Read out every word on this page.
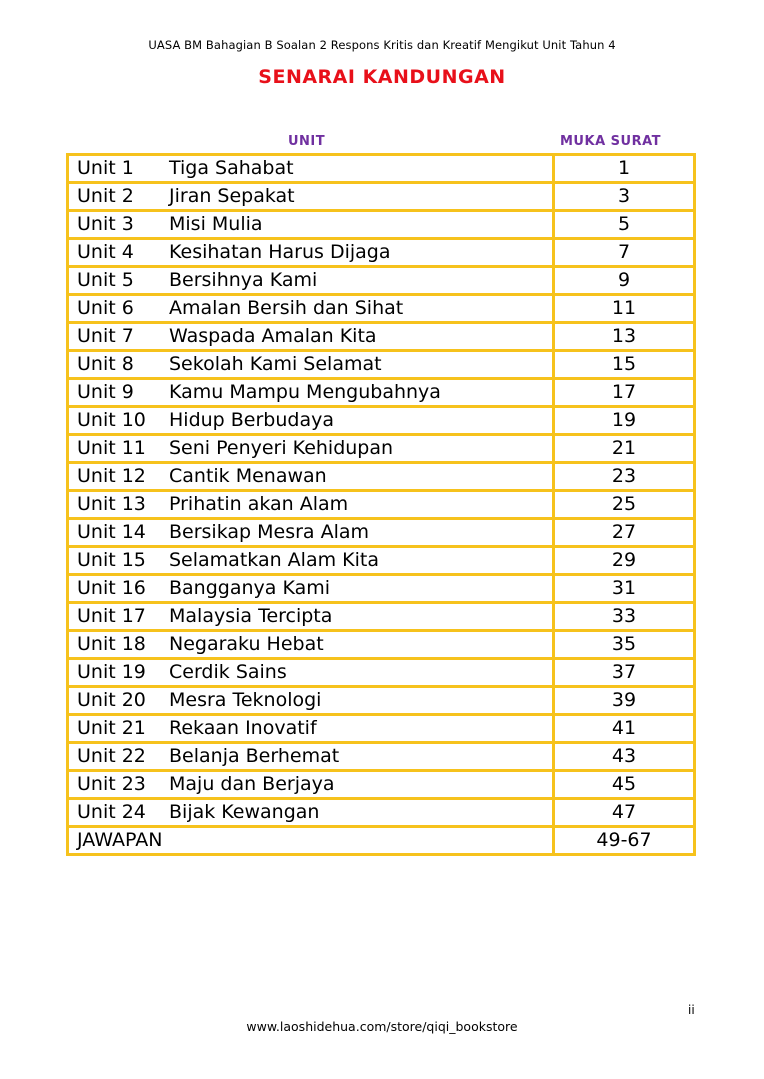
UASA BM Bahagian B Soalan 2 Respons Kritis dan Kreatif Mengikut Unit Tahun 4
SENARAI KANDUNGAN
UNIT	MUKA SURAT
Unit 1 Tiga Sahabat	1
Unit 2 Jiran Sepakat	3
Unit 3 Misi Mulia	5
Unit 4 Kesihatan Harus Dijaga	7
Unit 5 Bersihnya Kami	9
Unit 6 Amalan Bersih dan Sihat	11
Unit 7 Waspada Amalan Kita	13
Unit 8 Sekolah Kami Selamat	15
Unit 9 Kamu Mampu Mengubahnya	17
Unit 10 Hidup Berbudaya	19
Unit 11 Seni Penyeri Kehidupan	21
Unit 12 Cantik Menawan	23
Unit 13 Prihatin akan Alam	25
Unit 14 Bersikap Mesra Alam	27
Unit 15 Selamatkan Alam Kita	29
Unit 16 Bangganya Kami	31
Unit 17 Malaysia Tercipta	33
Unit 18 Negaraku Hebat	35
Unit 19 Cerdik Sains	37
Unit 20 Mesra Teknologi	39
Unit 21 Rekaan Inovatif	41
Unit 22 Belanja Berhemat	43
Unit 23 Maju dan Berjaya	45
Unit 24 Bijak Kewangan	47
JAWAPAN	49-67
ii
www.laoshidehua.com/store/qiqi_bookstore
